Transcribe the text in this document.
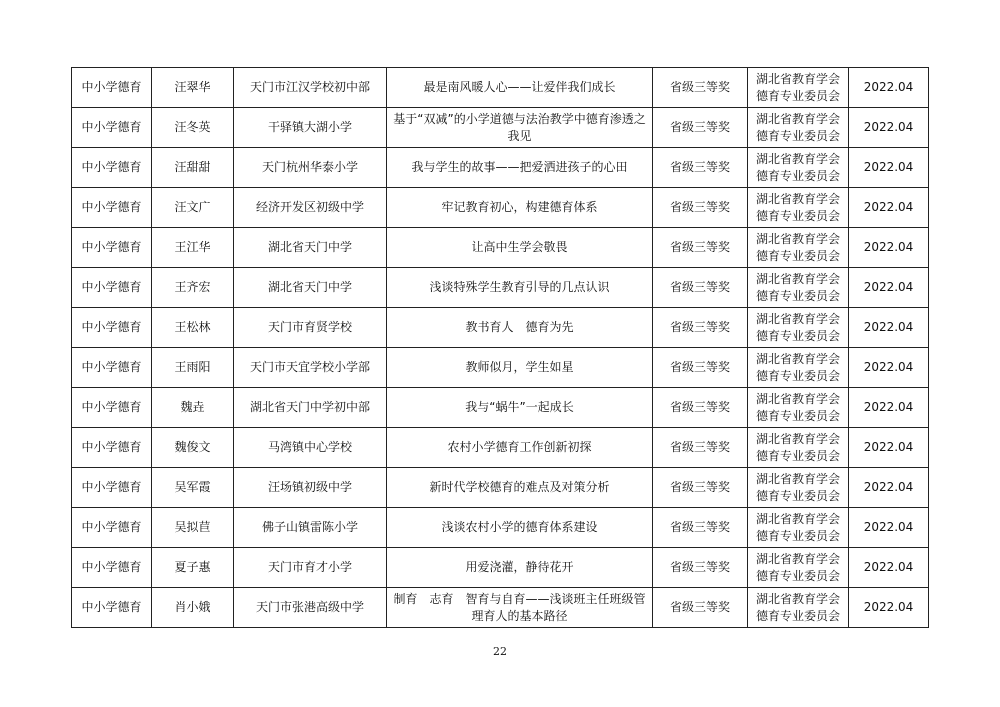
中小学德育	汪翠华	天门市江汉学校初中部	最是南风暖人心——让爱伴我们成长	省级三等奖	湖北省教育学会德育专业委员会	2022.04
中小学德育	汪冬英	干驿镇大湖小学	基于“双减”的小学道德与法治教学中德育渗透之我见	省级三等奖	湖北省教育学会德育专业委员会	2022.04
中小学德育	汪甜甜	天门杭州华泰小学	我与学生的故事——把爱洒进孩子的心田	省级三等奖	湖北省教育学会德育专业委员会	2022.04
中小学德育	汪文广	经济开发区初级中学	牢记教育初心，构建德育体系	省级三等奖	湖北省教育学会德育专业委员会	2022.04
中小学德育	王江华	湖北省天门中学	让高中生学会敬畏	省级三等奖	湖北省教育学会德育专业委员会	2022.04
中小学德育	王齐宏	湖北省天门中学	浅谈特殊学生教育引导的几点认识	省级三等奖	湖北省教育学会德育专业委员会	2022.04
中小学德育	王松林	天门市育贤学校	教书育人　德育为先	省级三等奖	湖北省教育学会德育专业委员会	2022.04
中小学德育	王雨阳	天门市天宜学校小学部	教师似月，学生如星	省级三等奖	湖北省教育学会德育专业委员会	2022.04
中小学德育	魏垚	湖北省天门中学初中部	我与“蜗牛”一起成长	省级三等奖	湖北省教育学会德育专业委员会	2022.04
中小学德育	魏俊文	马湾镇中心学校	农村小学德育工作创新初探	省级三等奖	湖北省教育学会德育专业委员会	2022.04
中小学德育	吴军霞	汪场镇初级中学	新时代学校德育的难点及对策分析	省级三等奖	湖北省教育学会德育专业委员会	2022.04
中小学德育	吴拟苣	佛子山镇雷陈小学	浅谈农村小学的德育体系建设	省级三等奖	湖北省教育学会德育专业委员会	2022.04
中小学德育	夏子惠	天门市育才小学	用爱浇灌，静待花开	省级三等奖	湖北省教育学会德育专业委员会	2022.04
中小学德育	肖小娥	天门市张港高级中学	制育　志育　智育与自育——浅谈班主任班级管理育人的基本路径	省级三等奖	湖北省教育学会德育专业委员会	2022.04
22
